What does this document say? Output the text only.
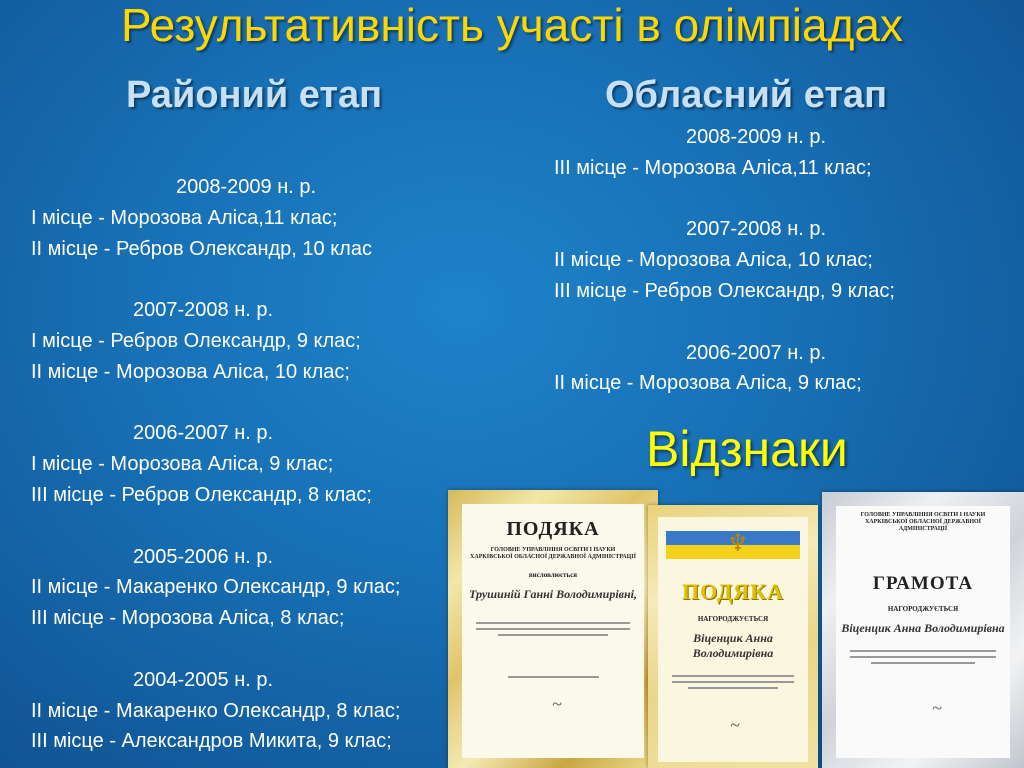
Результативність участі в олімпіадах
Районий етап	Обласний етап
2008-2009 н. р.
I місце - Морозова Аліса,11 клас;
II місце - Ребров Олександр, 10 клас
2007-2008 н. р.
I місце - Ребров Олександр, 9 клас;
II місце - Морозова Аліса, 10 клас;
2006-2007 н. р.
I місце - Морозова Аліса, 9 клас;
III місце - Ребров Олександр, 8 клас;
2005-2006 н. р.
II місце - Макаренко Олександр, 9 клас;
III місце - Морозова Аліса, 8 клас;
2004-2005 н. р.
II місце - Макаренко Олександр, 8 клас;
III місце - Александров Микита, 9 клас;
2008-2009 н. р.
III місце - Морозова Аліса,11 клас;
2007-2008 н. р.
II місце - Морозова Аліса, 10 клас;
III місце - Ребров Олександр, 9 клас;
2006-2007 н. р.
II місце - Морозова Аліса, 9 клас;
Відзнаки
ПОДЯКА
ГОЛОВНЕ УПРАВЛІННЯ ОСВІТИ І НАУКИ ХАРКІВСЬКОЇ ОБЛАСНОЇ ДЕРЖАВНОЇ АДМІНІСТРАЦІЇ
висловлюється
Трушиній Ганні Володимирівні,
~
♆
ПОДЯКА
НАГОРОДЖУЄТЬСЯ
Віценцик Анна Володимирівна
~
ГОЛОВНЕ УПРАВЛІННЯ ОСВІТИ І НАУКИ ХАРКІВСЬКОЇ ОБЛАСНОЇ ДЕРЖАВНОЇ АДМІНІСТРАЦІЇ
ГРАМОТА
НАГОРОДЖУЄТЬСЯ
Віценцик Анна Володимирівна
~
